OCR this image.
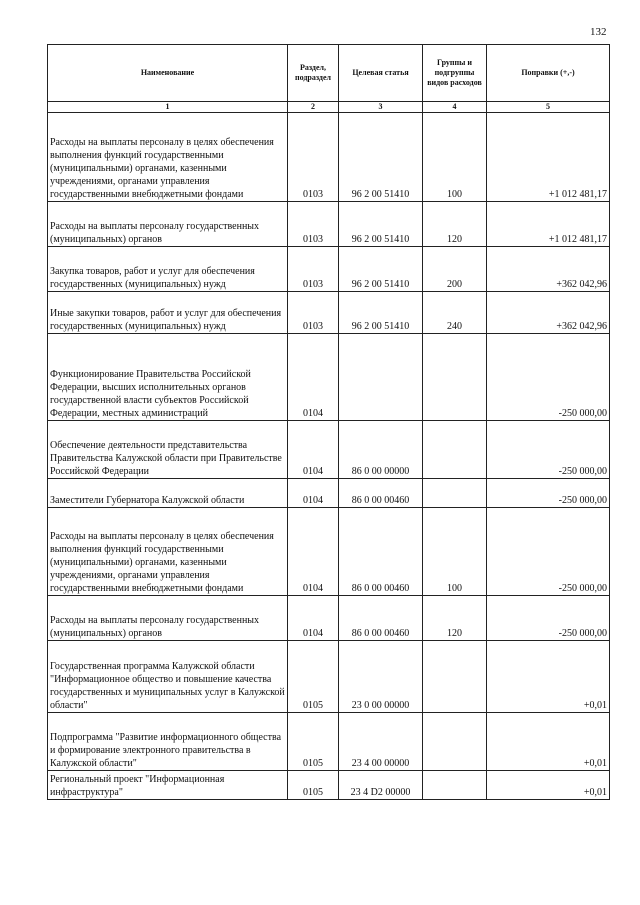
132
Наименование	Раздел, подраздел	Целевая статья	Группы и подгруппы видов расходов	Поправки (+,-)
1	2	3	4	5
Расходы на выплаты персоналу в целях обеспечения выполнения функций государственными (муниципальными) органами, казенными учреждениями, органами управления государственными внебюджетными фондами	0103	96 2 00 51410	100	+1 012 481,17
Расходы на выплаты персоналу государственных (муниципальных) органов	0103	96 2 00 51410	120	+1 012 481,17
Закупка товаров, работ и услуг для обеспечения государственных (муниципальных) нужд	0103	96 2 00 51410	200	+362 042,96
Иные закупки товаров, работ и услуг для обеспечения государственных (муниципальных) нужд	0103	96 2 00 51410	240	+362 042,96
Функционирование Правительства Российской Федерации, высших исполнительных органов государственной власти субъектов Российской Федерации, местных администраций	0104			-250 000,00
Обеспечение деятельности представительства Правительства Калужской области при Правительстве Российской Федерации	0104	86 0 00 00000		-250 000,00
Заместители Губернатора Калужской области	0104	86 0 00 00460		-250 000,00
Расходы на выплаты персоналу в целях обеспечения выполнения функций государственными (муниципальными) органами, казенными учреждениями, органами управления государственными внебюджетными фондами	0104	86 0 00 00460	100	-250 000,00
Расходы на выплаты персоналу государственных (муниципальных) органов	0104	86 0 00 00460	120	-250 000,00
Государственная программа Калужской области "Информационное общество и повышение качества государственных и муниципальных услуг в Калужской области"	0105	23 0 00 00000		+0,01
Подпрограмма "Развитие информационного общества и формирование электронного правительства в Калужской области"	0105	23 4 00 00000		+0,01
Региональный проект "Информационная инфраструктура"	0105	23 4 D2 00000		+0,01
